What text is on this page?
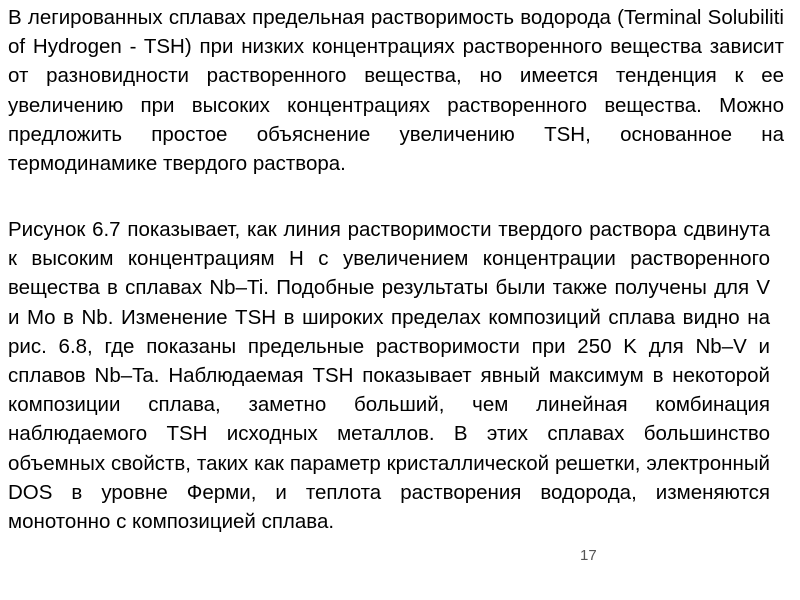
В легированных сплавах предельная растворимость водорода (Terminal Solubiliti of Hydrogen - TSH) при низких концентрациях растворенного вещества зависит от разновидности растворенного вещества, но имеется тенденция к ее увеличению при высоких концентрациях растворенного вещества. Можно предложить простое объяснение увеличению TSH, основанное на термодинамике твердого раствора.

Рисунок 6.7 показывает, как линия растворимости твердого раствора сдвинута к высоким концентрациям H с увеличением концентрации растворенного вещества в сплавах Nb–Ti. Подобные результаты были также получены для V и Mo в Nb. Изменение TSH в широких пределах композиций сплава видно на рис. 6.8, где показаны предельные растворимости при 250 K для Nb–V и сплавов Nb–Ta. Наблюдаемая TSH показывает явный максимум в некоторой композиции сплава, заметно больший, чем линейная комбинация наблюдаемого TSH исходных металлов. В этих сплавах большинство объемных свойств, таких как параметр кристаллической решетки, электронный DOS в уровне Ферми, и теплота растворения водорода, изменяются монотонно с композицией сплава.

17
